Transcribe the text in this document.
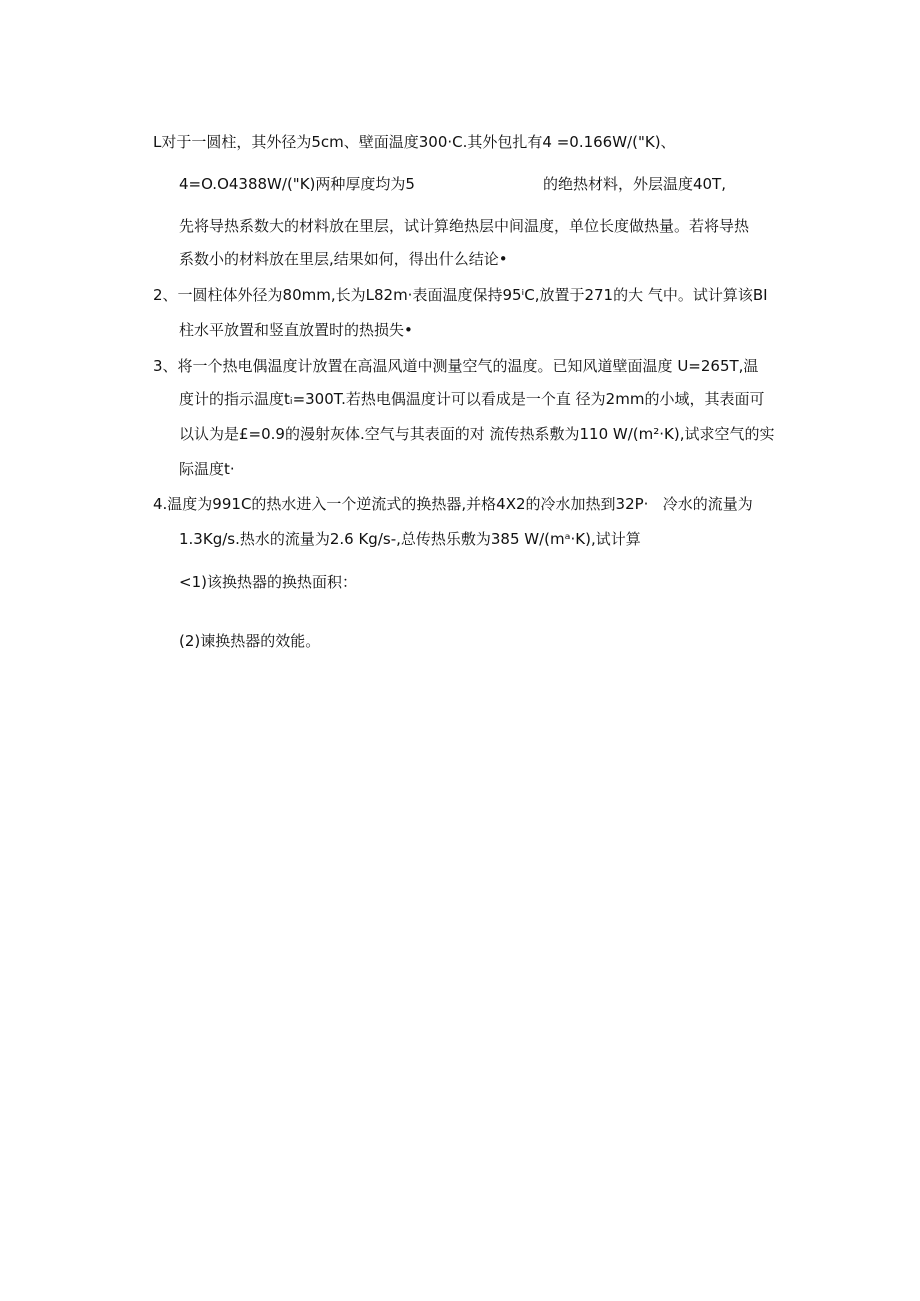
L对于一圆柱，其外径为5cm、壁面温度300·C.其外包扎有4 =0.166W/("K)、
4=O.O4388W/("K)两种厚度均为5	的绝热材料，外层温度40T,
先将导热系数大的材料放在里层，试计算绝热层中间温度，单位长度做热量。若将导热
系数小的材料放在里层,结果如何，得出什么结论•
2、一圆柱体外径为80mm,长为L82m·表面温度保持95ⁱC,放置于271的大 气中。试计算该BI
柱水平放置和竖直放置时的热损失•
3、将一个热电偶温度计放置在高温风道中测量空气的温度。已知风道壁面温度 U=265T,温
度计的指示温度tᵢ=300T.若热电偶温度计可以看成是一个直 径为2mm的小域，其表面可
以认为是£=0.9的漫射灰体.空气与其表面的对 流传热系敷为110 W/(m²·K),试求空气的实
际温度t·
4.温度为991C的热水进入一个逆流式的换热器,并格4X2的冷水加热到32P·   冷水的流量为
1.3Kg/s.热水的流量为2.6 Kg/s-,总传热乐敷为385 W/(mᵃ·K),试计算
<1)该换热器的换热面积：
(2)谏换热器的效能。
